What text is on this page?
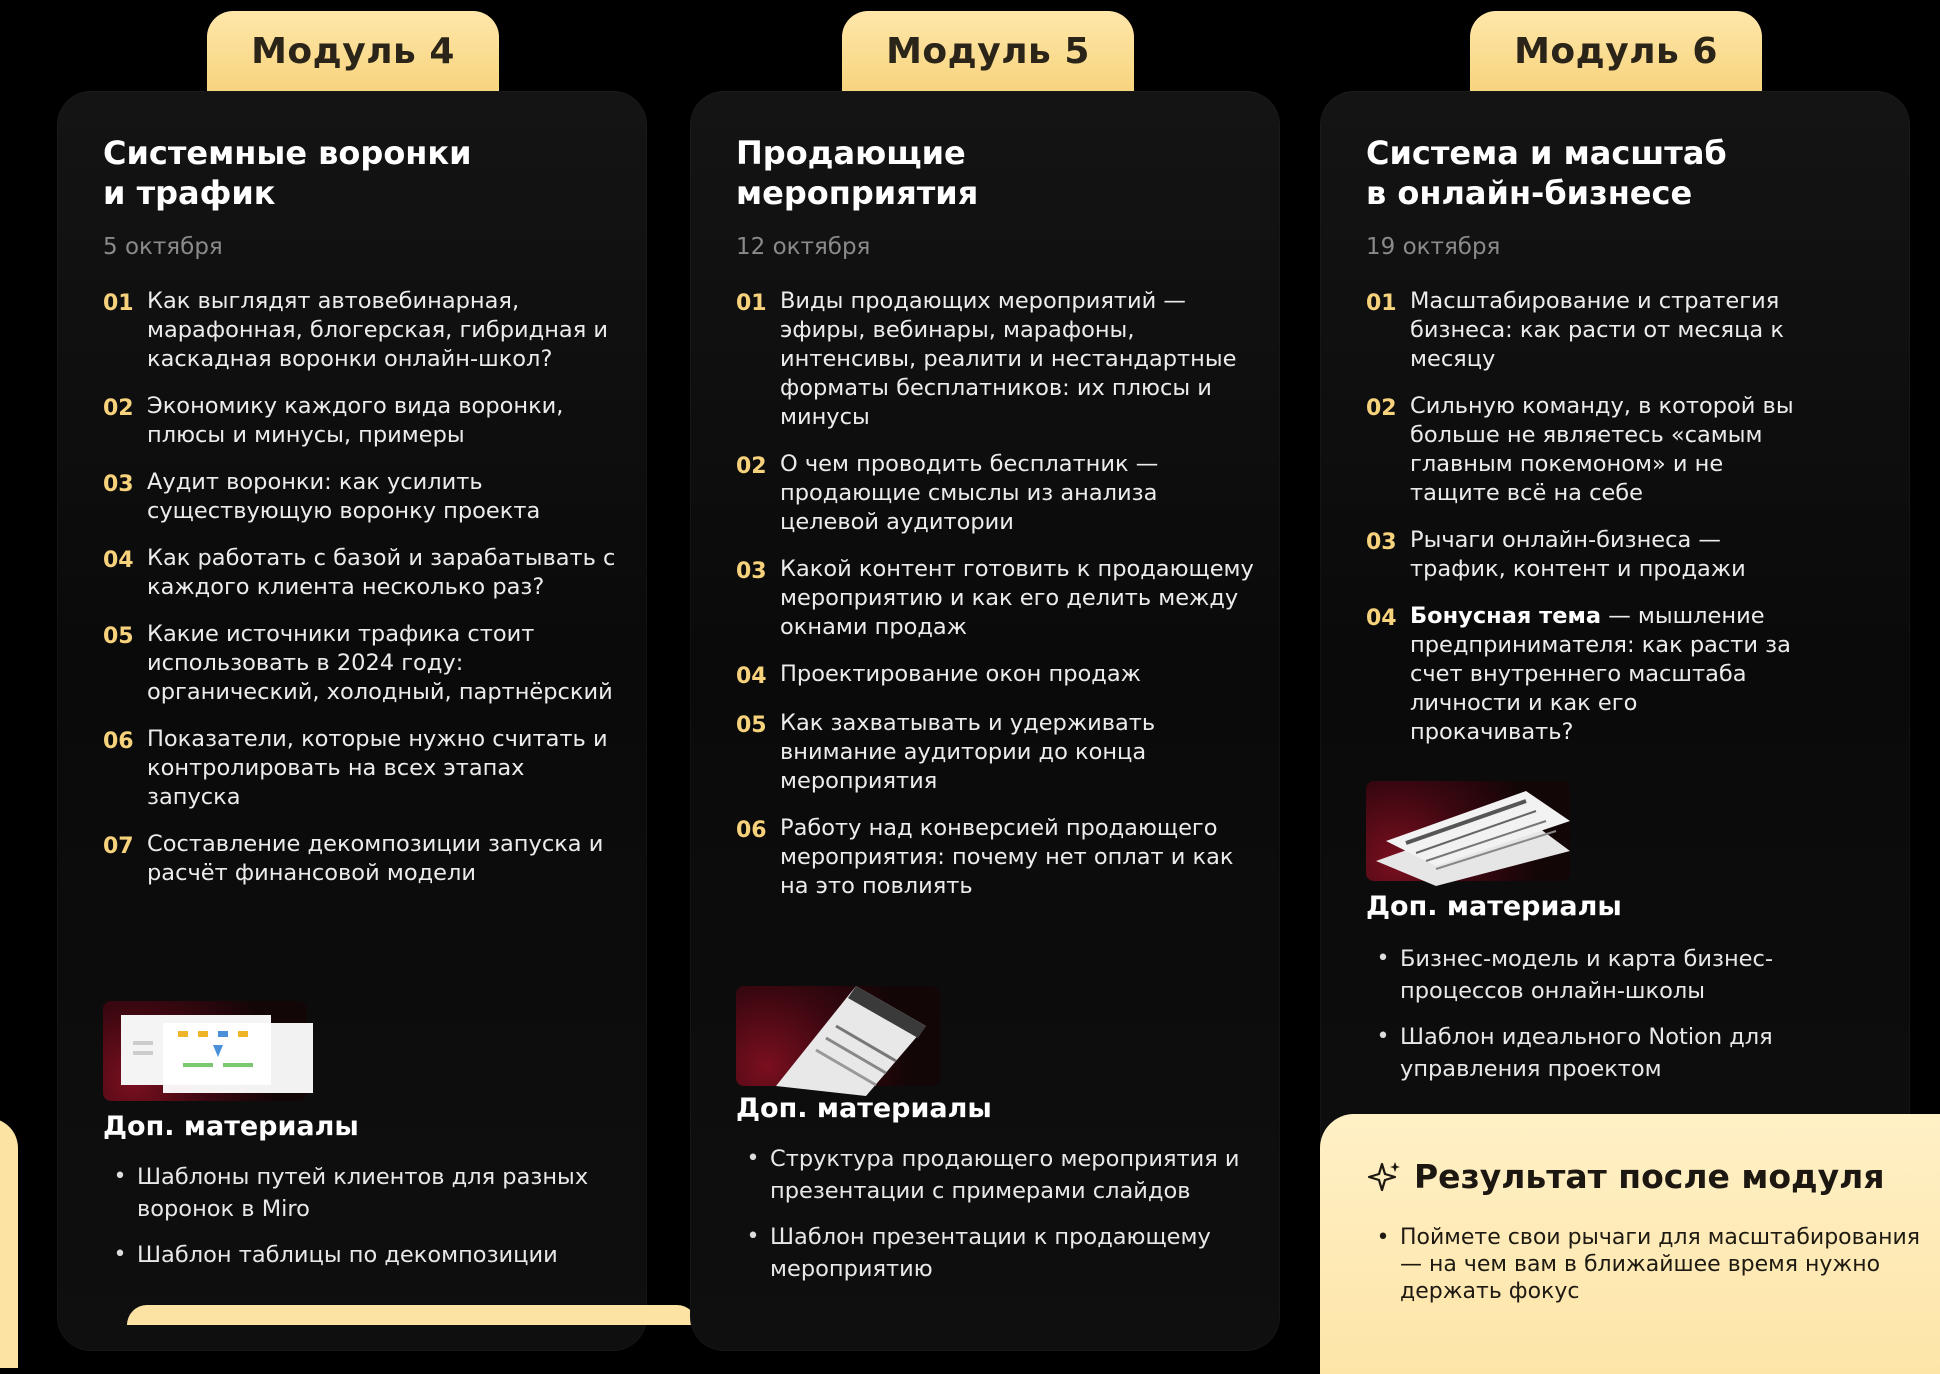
Модуль 4
Системные воронки
и трафик
5 октября
01 Как выглядят автовебинарная, марафонная, блогерская, гибридная и каскадная воронки онлайн-школ?
02 Экономику каждого вида воронки, плюсы и минусы, примеры
03 Аудит воронки: как усилить существующую воронку проекта
04 Как работать с базой и зарабатывать с каждого клиента несколько раз?
05 Какие источники трафика стоит использовать в 2024 году: органический, холодный, партнёрский
06 Показатели, которые нужно считать и контролировать на всех этапах запуска
07 Составление декомпозиции запуска и расчёт финансовой модели
Доп. материалы
• Шаблоны путей клиентов для разных воронок в Miro
• Шаблон таблицы по декомпозиции
Модуль 5
Продающие
мероприятия
12 октября
01 Виды продающих мероприятий — эфиры, вебинары, марафоны, интенсивы, реалити и нестандартные форматы бесплатников: их плюсы и минусы
02 О чем проводить бесплатник — продающие смыслы из анализа целевой аудитории
03 Какой контент готовить к продающему мероприятию и как его делить между окнами продаж
04 Проектирование окон продаж
05 Как захватывать и удерживать внимание аудитории до конца мероприятия
06 Работу над конверсией продающего мероприятия: почему нет оплат и как на это повлиять
Доп. материалы
• Структура продающего мероприятия и презентации с примерами слайдов
• Шаблон презентации к продающему мероприятию
Модуль 6
Система и масштаб
в онлайн-бизнесе
19 октября
01 Масштабирование и стратегия бизнеса: как расти от месяца к месяцу
02 Сильную команду, в которой вы больше не являетесь «самым главным покемоном» и не тащите всё на себе
03 Рычаги онлайн-бизнеса — трафик, контент и продажи
04 Бонусная тема — мышление предпринимателя: как расти за счет внутреннего масштаба личности и как его прокачивать?
Доп. материалы
• Бизнес-модель и карта бизнес-процессов онлайн-школы
• Шаблон идеального Notion для управления проектом
Результат после модуля
• Поймете свои рычаги для масштабирования — на чем вам в ближайшее время нужно держать фокус
